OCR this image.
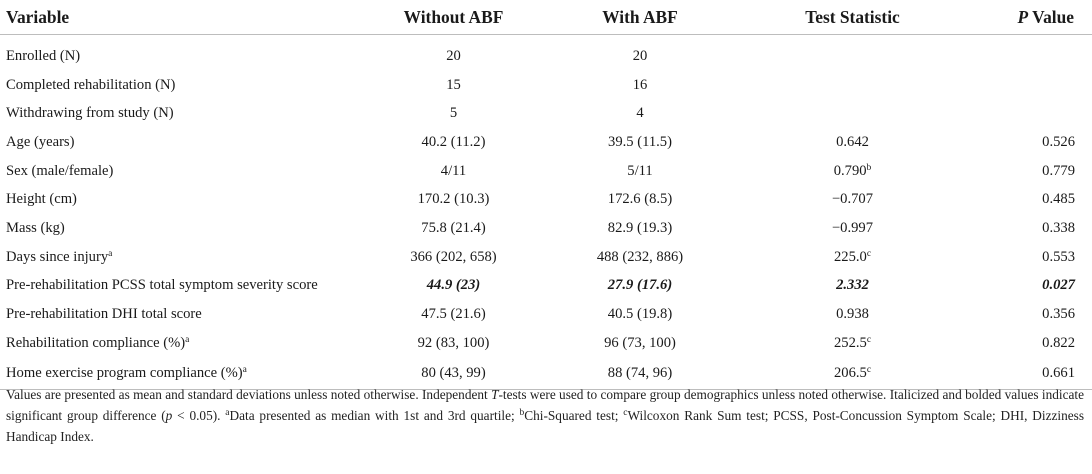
Variable	Without ABF	With ABF	Test Statistic	P Value
Enrolled (N)	20	20		
Completed rehabilitation (N)	15	16		
Withdrawing from study (N)	5	4		
Age (years)	40.2 (11.2)	39.5 (11.5)	0.642	0.526
Sex (male/female)	4/11	5/11	0.790$^b$	0.779
Height (cm)	170.2 (10.3)	172.6 (8.5)	−0.707	0.485
Mass (kg)	75.8 (21.4)	82.9 (19.3)	−0.997	0.338
Days since injury$^a$	366 (202, 658)	488 (232, 886)	225.0$^c$	0.553
Pre-rehabilitation PCSS total symptom severity score	44.9 (23)	27.9 (17.6)	2.332	0.027
Pre-rehabilitation DHI total score	47.5 (21.6)	40.5 (19.8)	0.938	0.356
Rehabilitation compliance (%)$^a$	92 (83, 100)	96 (73, 100)	252.5$^c$	0.822
Home exercise program compliance (%)$^a$	80 (43, 99)	88 (74, 96)	206.5$^c$	0.661
Values are presented as mean and standard deviations unless noted otherwise. Independent T-tests were used to compare group demographics unless noted otherwise. Italicized and bolded values indicate significant group difference (p < 0.05). $^a$Data presented as median with 1st and 3rd quartile; $^b$Chi-Squared test; $^c$Wilcoxon Rank Sum test; PCSS, Post-Concussion Symptom Scale; DHI, Dizziness Handicap Index.
